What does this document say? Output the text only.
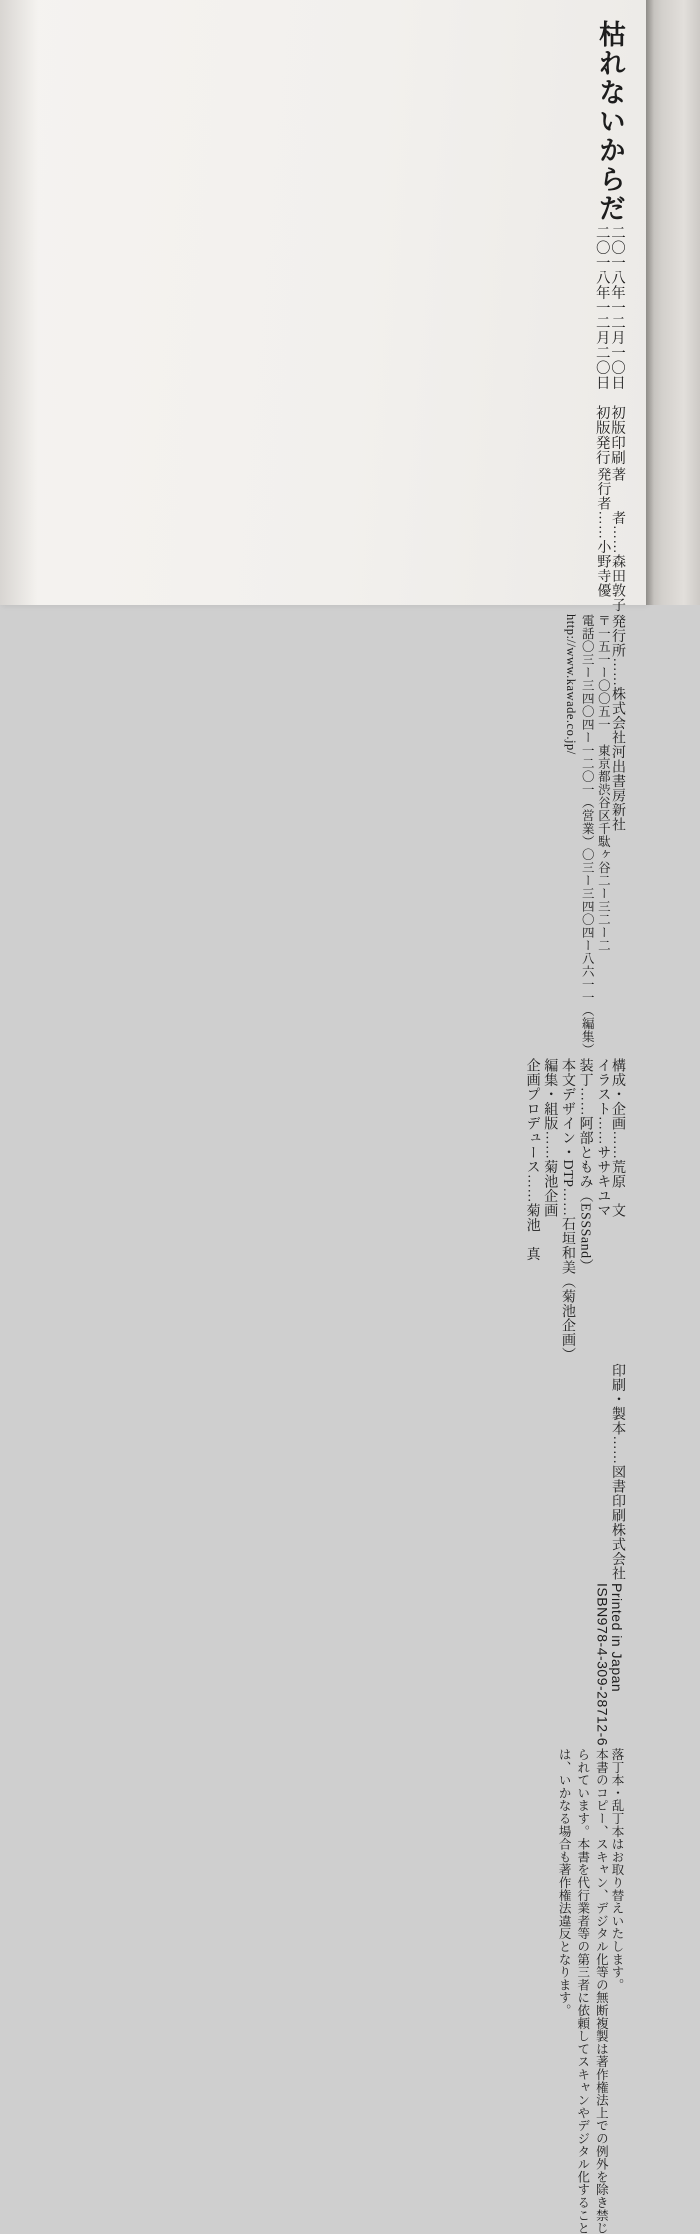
枯れないからだ
二〇一八年一二月一〇日　初版印刷
二〇一八年一二月二〇日　初版発行
著　　者……森田敦子
発行者……小野寺優
発行所……株式会社河出書房新社
〒一五一ー〇〇五一　東京都渋谷区千駄ヶ谷二ー三二ー二
電話〇三ー三四〇四ー一二〇一（営業）〇三ー三四〇四ー八六一一（編集）
http://www.kawade.co.jp/
構成・企画……荒原　文
イラスト……ササキユマ
装丁……阿部ともみ（ESSSand）
本文デザイン・DTP……石垣和美（菊池企画）
編集・組版……菊池企画
企画プロデュース……菊池　真
印刷・製本……図書印刷株式会社
Printed in Japan
ISBN978-4-309-28712-6
落丁本・乱丁本はお取り替えいたします。
本書のコピー、スキャン、デジタル化等の無断複製は著作権法上での例外を除き禁じ
られています。本書を代行業者等の第三者に依頼してスキャンやデジタル化すること
は、いかなる場合も著作権法違反となります。
